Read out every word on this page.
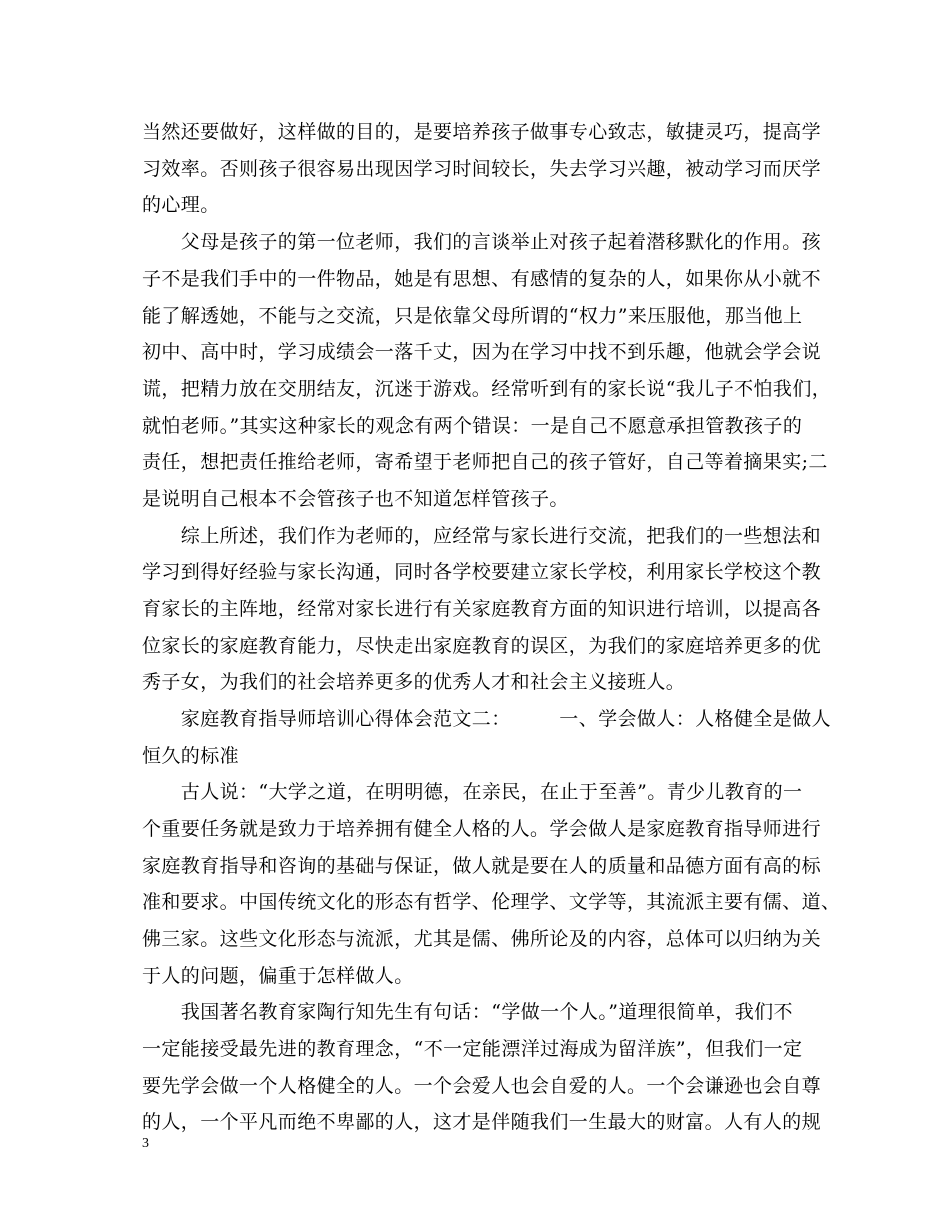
当然还要做好，这样做的目的，是要培养孩子做事专心致志，敏捷灵巧，提高学
习效率。否则孩子很容易出现因学习时间较长，失去学习兴趣，被动学习而厌学
的心理。
　　父母是孩子的第一位老师，我们的言谈举止对孩子起着潜移默化的作用。孩
子不是我们手中的一件物品，她是有思想、有感情的复杂的人，如果你从小就不
能了解透她，不能与之交流，只是依靠父母所谓的“权力”来压服他，那当他上
初中、高中时，学习成绩会一落千丈，因为在学习中找不到乐趣，他就会学会说
谎，把精力放在交朋结友，沉迷于游戏。经常听到有的家长说“我儿子不怕我们，
就怕老师。”其实这种家长的观念有两个错误：一是自己不愿意承担管教孩子的
责任，想把责任推给老师，寄希望于老师把自己的孩子管好，自己等着摘果实;二
是说明自己根本不会管孩子也不知道怎样管孩子。
　　综上所述，我们作为老师的，应经常与家长进行交流，把我们的一些想法和
学习到得好经验与家长沟通，同时各学校要建立家长学校，利用家长学校这个教
育家长的主阵地，经常对家长进行有关家庭教育方面的知识进行培训，以提高各
位家长的家庭教育能力，尽快走出家庭教育的误区，为我们的家庭培养更多的优
秀子女，为我们的社会培养更多的优秀人才和社会主义接班人。
　　家庭教育指导师培训心得体会范文二：　　　一、学会做人：人格健全是做人
恒久的标准
　　古人说：“大学之道，在明明德，在亲民，在止于至善”。青少儿教育的一
个重要任务就是致力于培养拥有健全人格的人。学会做人是家庭教育指导师进行
家庭教育指导和咨询的基础与保证，做人就是要在人的质量和品德方面有高的标
准和要求。中国传统文化的形态有哲学、伦理学、文学等，其流派主要有儒、道、
佛三家。这些文化形态与流派，尤其是儒、佛所论及的内容，总体可以归纳为关
于人的问题，偏重于怎样做人。
　　我国著名教育家陶行知先生有句话：“学做一个人。”道理很简单，我们不
一定能接受最先进的教育理念，“不一定能漂洋过海成为留洋族”，但我们一定
要先学会做一个人格健全的人。一个会爱人也会自爱的人。一个会谦逊也会自尊
的人，一个平凡而绝不卑鄙的人，这才是伴随我们一生最大的财富。人有人的规
3
